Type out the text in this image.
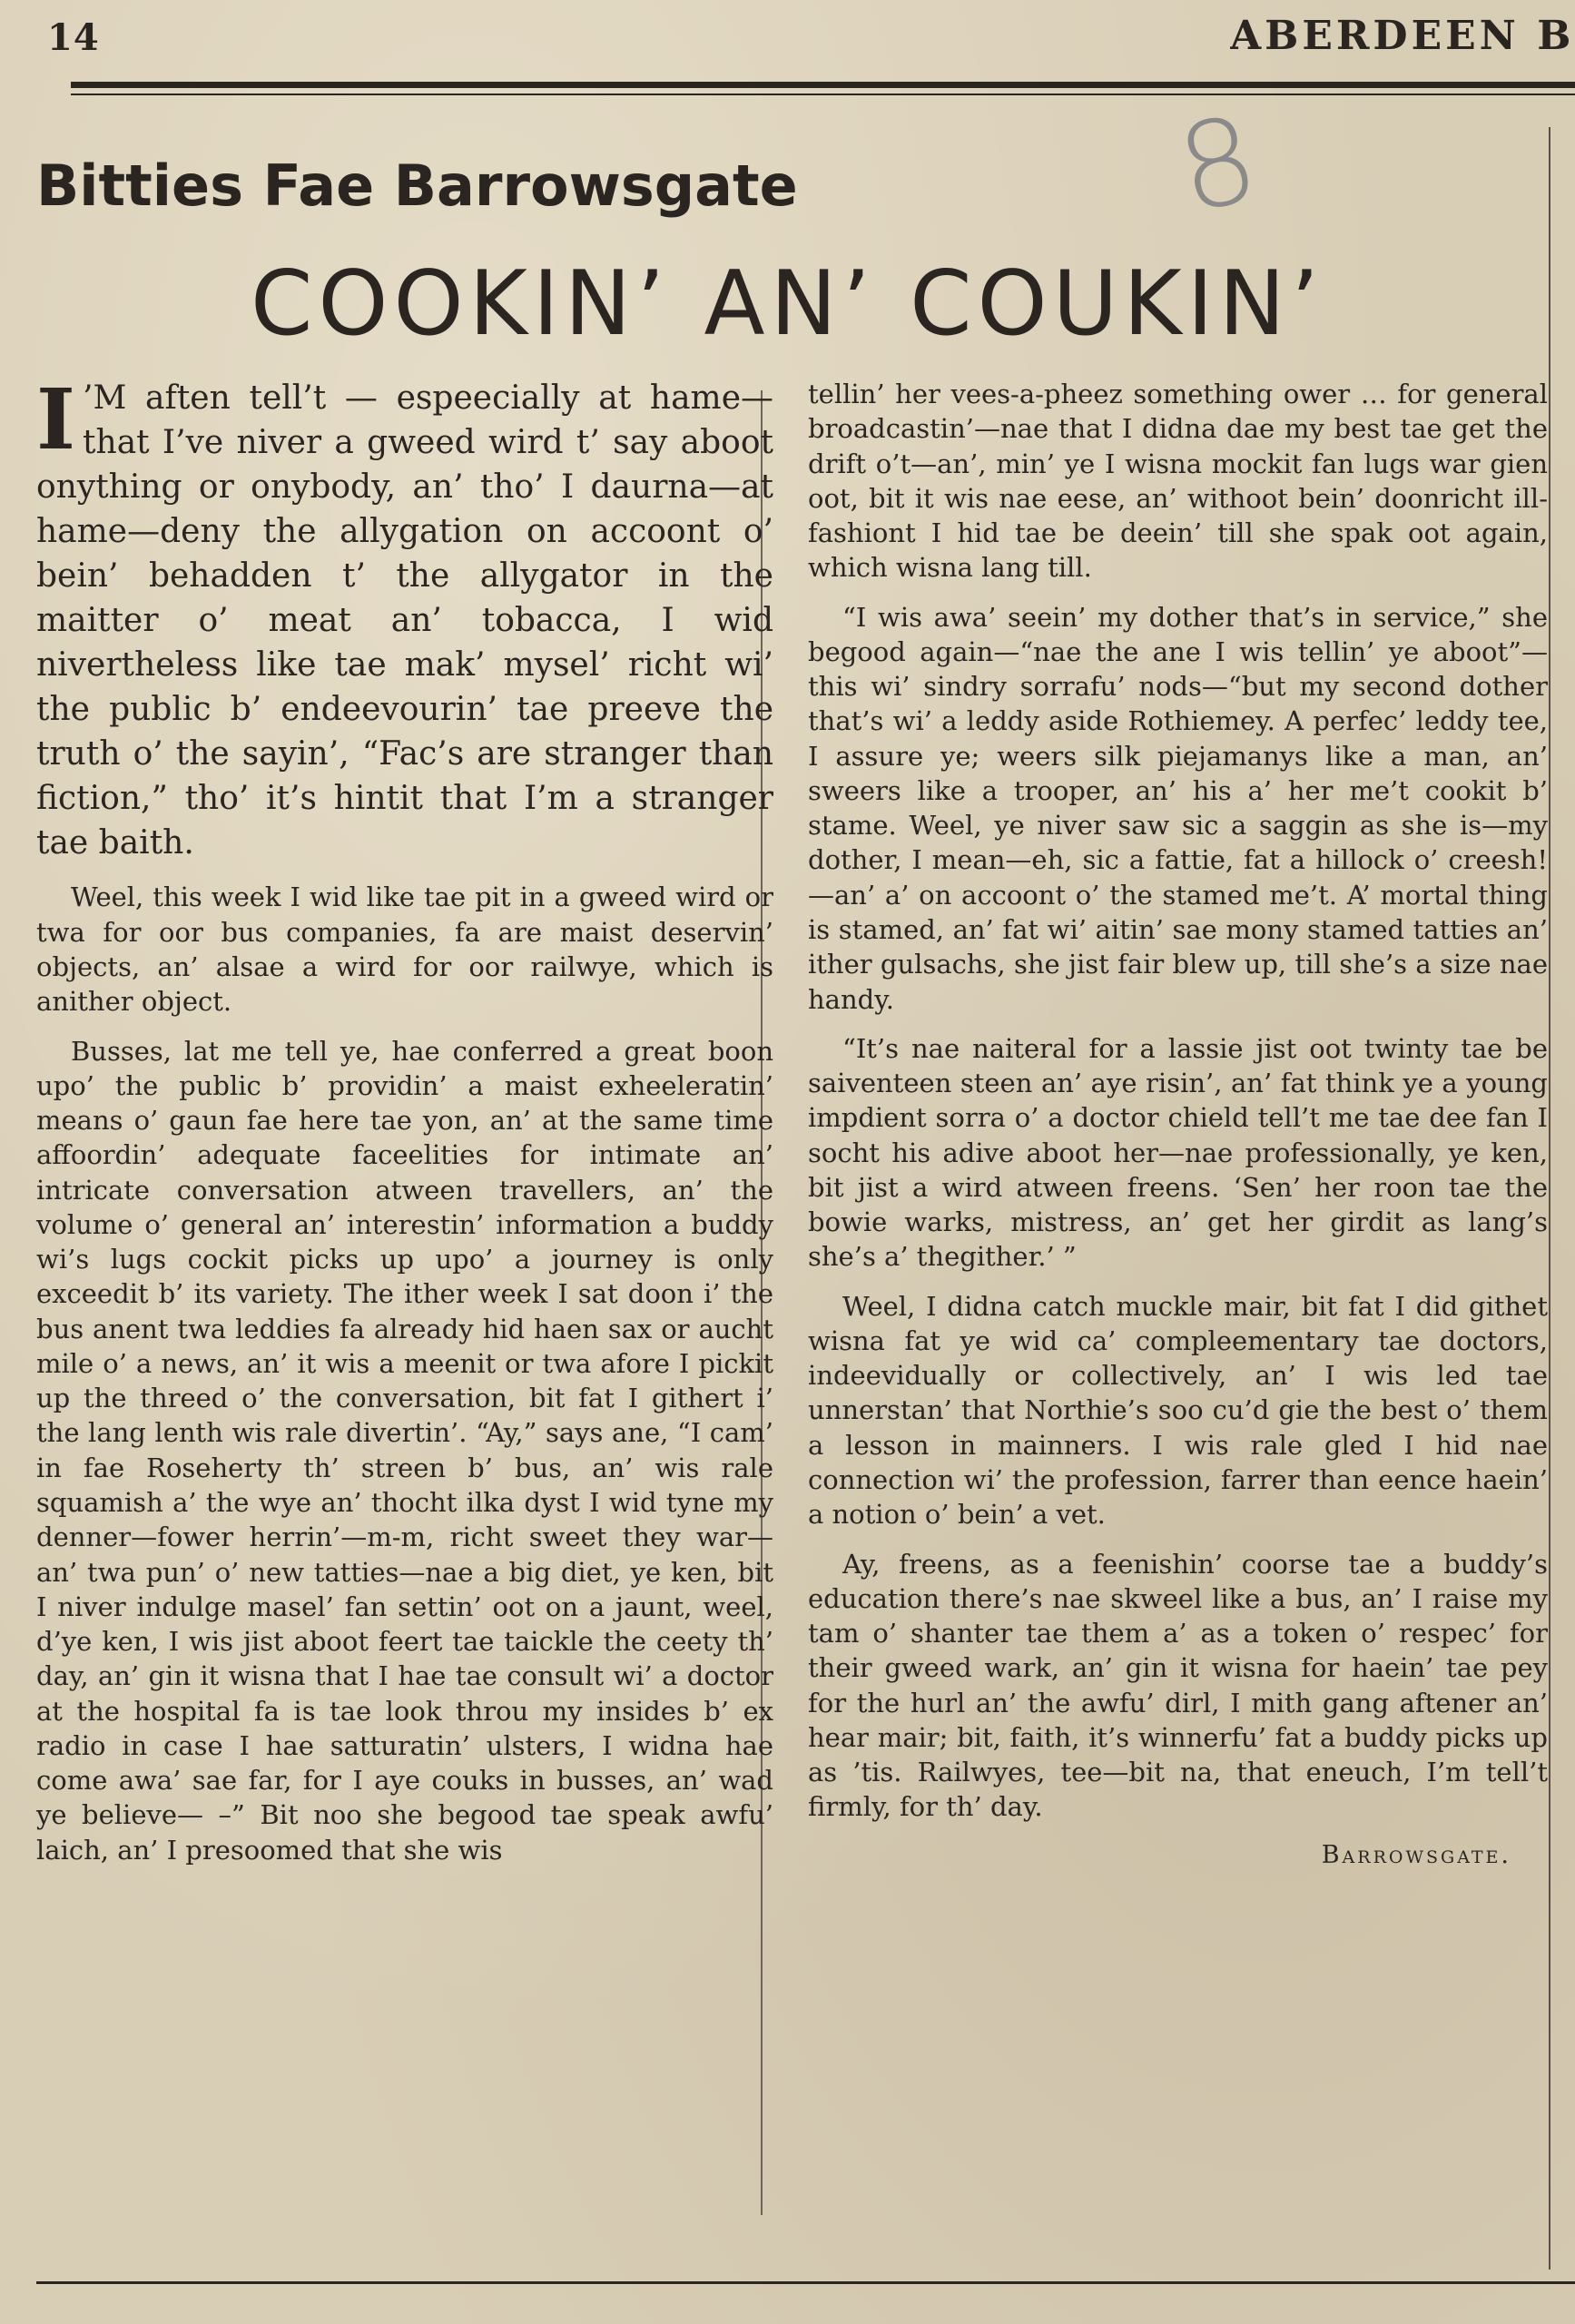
14	ABERDEEN B
Bitties Fae Barrowsgate	8
COOKIN’ AN’ COUKIN’

I ’M aften tell’t — espeecially at hame—that I’ve niver a gweed wird t’ say aboot onything or onybody, an’ tho’ I daurna—at hame—deny the allygation on accoont o’ bein’ behadden t’ the allygator in the maitter o’ meat an’ tobacca, I wid nivertheless like tae mak’ mysel’ richt wi’ the public b’ endeevourin’ tae preeve the truth o’ the sayin’, “Fac’s are stranger than fiction,” tho’ it’s hintit that I’m a stranger tae baith.

Weel, this week I wid like tae pit in a gweed wird or twa for oor bus companies, fa are maist deservin’ objects, an’ alsae a wird for oor railwye, which is anither object.

Busses, lat me tell ye, hae conferred a great boon upo’ the public b’ providin’ a maist exheeleratin’ means o’ gaun fae here tae yon, an’ at the same time affoordin’ adequate faceelities for intimate an’ intricate conversation atween travellers, an’ the volume o’ general an’ interestin’ information a buddy wi’s lugs cockit picks up upo’ a journey is only exceedit b’ its variety. The ither week I sat doon i’ the bus anent twa leddies fa already hid haen sax or aucht mile o’ a news, an’ it wis a meenit or twa afore I pickit up the threed o’ the conversation, bit fat I githert i’ the lang lenth wis rale divertin’. “Ay,” says ane, “I cam’ in fae Roseherty th’ streen b’ bus, an’ wis rale squamish a’ the wye an’ thocht ilka dyst I wid tyne my denner—fower herrin’—m-m, richt sweet they war—an’ twa pun’ o’ new tatties—nae a big diet, ye ken, bit I niver indulge masel’ fan settin’ oot on a jaunt, weel, d’ye ken, I wis jist aboot feert tae taickle the ceety th’ day, an’ gin it wisna that I hae tae consult wi’ a doctor at the hospital fa is tae look throu my insides b’ ex radio in case I hae satturatin’ ulsters, I widna hae come awa’ sae far, for I aye couks in busses, an’ wad ye believe— –” Bit noo she begood tae speak awfu’ laich, an’ I presoomed that she wis

tellin’ her vees-a-pheez something ower … for general broadcastin’—nae that I didna dae my best tae get the drift o’t—an’, min’ ye I wisna mockit fan lugs war gien oot, bit it wis nae eese, an’ withoot bein’ doonricht ill-fashiont I hid tae be deein’ till she spak oot again, which wisna lang till.

“I wis awa’ seein’ my dother that’s in service,” she begood again—“nae the ane I wis tellin’ ye aboot”—this wi’ sindry sorrafu’ nods—“but my second dother that’s wi’ a leddy aside Rothiemey. A perfec’ leddy tee, I assure ye; weers silk piejamanys like a man, an’ sweers like a trooper, an’ his a’ her me’t cookit b’ stame. Weel, ye niver saw sic a saggin as she is—my dother, I mean—eh, sic a fattie, fat a hillock o’ creesh!—an’ a’ on accoont o’ the stamed me’t. A’ mortal thing is stamed, an’ fat wi’ aitin’ sae mony stamed tatties an’ ither gulsachs, she jist fair blew up, till she’s a size nae handy.

“It’s nae naiteral for a lassie jist oot twinty tae be saiventeen steen an’ aye risin’, an’ fat think ye a young impdient sorra o’ a doctor chield tell’t me tae dee fan I socht his adive aboot her—nae professionally, ye ken, bit jist a wird atween freens. ‘Sen’ her roon tae the bowie warks, mistress, an’ get her girdit as lang’s she’s a’ thegither.’ ”

Weel, I didna catch muckle mair, bit fat I did githet wisna fat ye wid ca’ compleementary tae doctors, indeevidually or collectively, an’ I wis led tae unnerstan’ that Northie’s soo cu’d gie the best o’ them a lesson in mainners. I wis rale gled I hid nae connection wi’ the profession, farrer than eence haein’ a notion o’ bein’ a vet.

Ay, freens, as a feenishin’ coorse tae a buddy’s education there’s nae skweel like a bus, an’ I raise my tam o’ shanter tae them a’ as a token o’ respec’ for their gweed wark, an’ gin it wisna for haein’ tae pey for the hurl an’ the awfu’ dirl, I mith gang aftener an’ hear mair; bit, faith, it’s winnerfu’ fat a buddy picks up as ’tis. Railwyes, tee—bit na, that eneuch, I’m tell’t firmly, for th’ day.

Barrowsgate.
